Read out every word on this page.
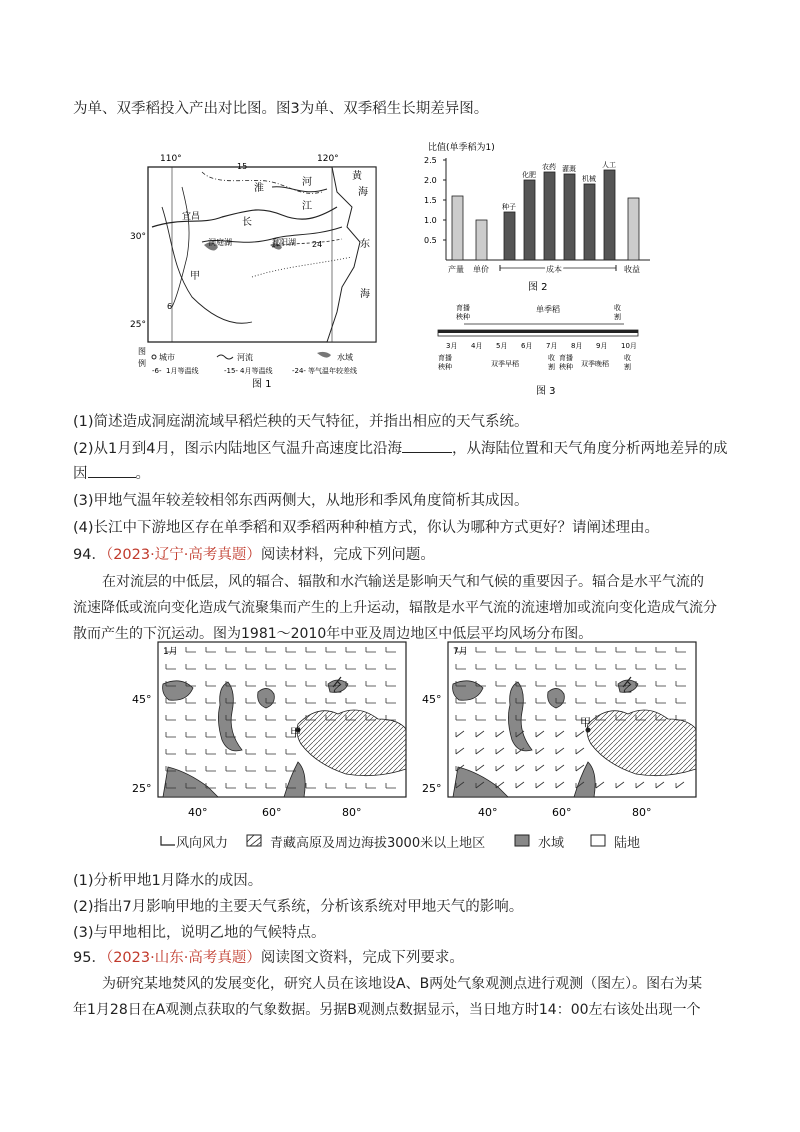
为单、双季稻投入产出对比图。图3为单、双季稻生长期差异图。

110°	120°
30°
25°
黄
海
淮
河
长
江
宜昌
洞庭湖	鄱阳湖	东
甲
海
15
24
6
图
例
城市	河流	水域
-6- 1月等温线	-15- 4月等温线	-24- 等气温年较差线
图 1
比值(单季稻为1)
2.5
2.0
1.5
1.0
0.5
种子
化肥
农药 灌溉
机械
人工
产量 单价	成本	收益
图 2
育播
秧种
单季稻	收
割
3月 4月 5月 6月 7月 8月 9月 10月
育播
秧种	双季早稻
收
割
育播
秧种 双季晚稻
收
割
图 3

(1)简述造成洞庭湖流域早稻烂秧的天气特征，并指出相应的天气系统。

(2)从1月到4月，图示内陆地区气温升高速度比沿海	，从海陆位置和天气角度分析两地差异的成

因	。

(3)甲地气温年较差较相邻东西两侧大，从地形和季风角度简析其成因。

(4)长江中下游地区存在单季稻和双季稻两种种植方式，你认为哪种方式更好？请阐述理由。

94．（2023·辽宁·高考真题）阅读材料，完成下列问题。

在对流层的中低层，风的辐合、辐散和水汽输送是影响天气和气候的重要因子。辐合是水平气流的

流速降低或流向变化造成气流聚集而产生的上升运动，辐散是水平气流的流速增加或流向变化造成气流分

散而产生的下沉运动。图为1981～2010年中亚及周边地区中低层平均风场分布图。

1月	7月
45°
25°
45°
25°
40°	60°	80°	40°	60°	80°
甲
甲
乙	乙
风向风力	青藏高原及周边海拔3000米以上地区	水域	陆地

(1)分析甲地1月降水的成因。

(2)指出7月影响甲地的主要天气系统，分析该系统对甲地天气的影响。

(3)与甲地相比，说明乙地的气候特点。

95．（2023·山东·高考真题）阅读图文资料，完成下列要求。

为研究某地焚风的发展变化，研究人员在该地设A、B两处气象观测点进行观测（图左）。图右为某

年1月28日在A观测点获取的气象数据。另据B观测点数据显示，当日地方时14：00左右该处出现一个
